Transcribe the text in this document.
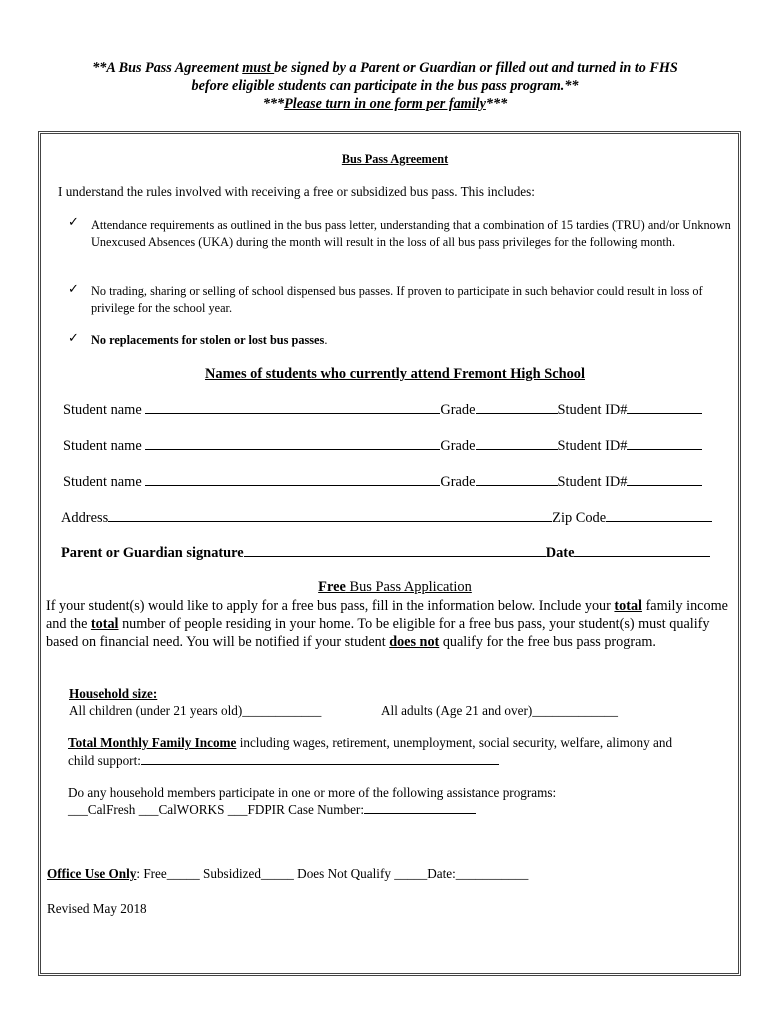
**A Bus Pass Agreement must be signed by a Parent or Guardian or filled out and turned in to FHS
before eligible students can participate in the bus pass program.**
***Please turn in one form per family***
Bus Pass Agreement
I understand the rules involved with receiving a free or subsidized bus pass. This includes:
✓ Attendance requirements as outlined in the bus pass letter, understanding that a combination of 15 tardies (TRU) and/or Unknown Unexcused Absences (UKA) during the month will result in the loss of all bus pass privileges for the following month.
✓ No trading, sharing or selling of school dispensed bus passes. If proven to participate in such behavior could result in loss of privilege for the school year.
✓ No replacements for stolen or lost bus passes.
Names of students who currently attend Fremont High School
Student name	Grade	Student ID#
Student name	Grade	Student ID#
Student name	Grade	Student ID#
Address	Zip Code
Parent or Guardian signature	Date
Free Bus Pass Application
If your student(s) would like to apply for a free bus pass, fill in the information below. Include your total family income and the total number of people residing in your home. To be eligible for a free bus pass, your student(s) must qualify based on financial need. You will be notified if your student does not qualify for the free bus pass program.
Household size:
All children (under 21 years old)____________	All adults (Age 21 and over)_____________
Total Monthly Family Income including wages, retirement, unemployment, social security, welfare, alimony and
child support:
Do any household members participate in one or more of the following assistance programs:
___CalFresh ___CalWORKS ___FDPIR Case Number:
Office Use Only: Free_____ Subsidized_____ Does Not Qualify _____Date:___________
Revised May 2018
